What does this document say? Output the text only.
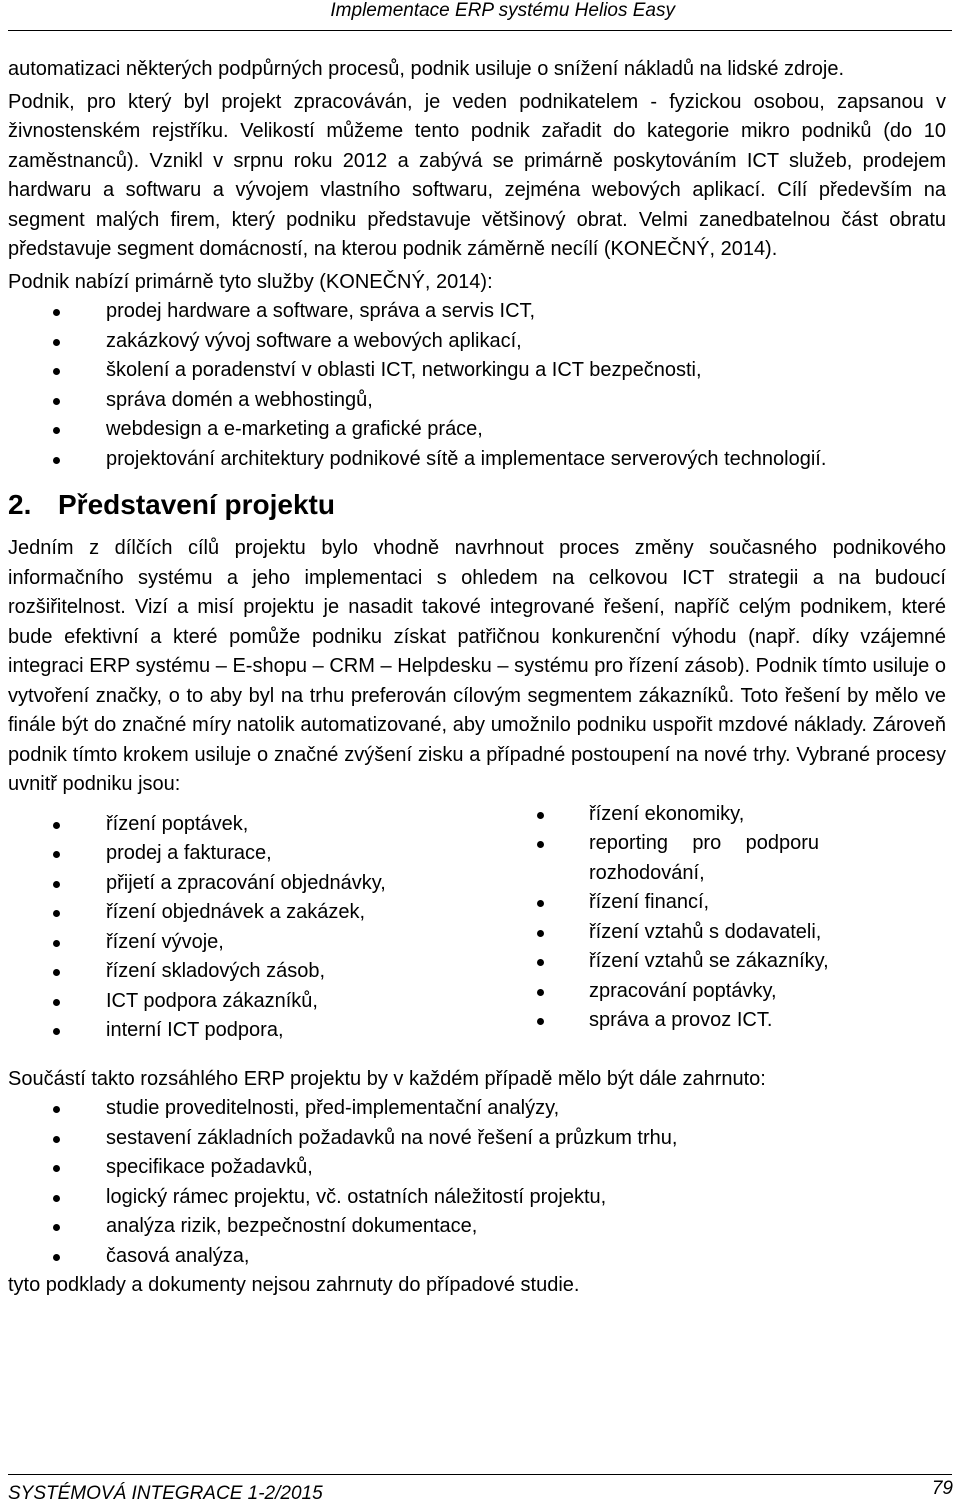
Implementace ERP systému Helios Easy

automatizaci některých podpůrných procesů, podnik usiluje o snížení nákladů na lidské zdroje.

Podnik, pro který byl projekt zpracováván, je veden podnikatelem - fyzickou osobou, zapsanou v živnostenském rejstříku. Velikostí můžeme tento podnik zařadit do kategorie mikro podniků (do 10 zaměstnanců). Vznikl v srpnu roku 2012 a zabývá se primárně poskytováním ICT služeb, prodejem hardwaru a softwaru a vývojem vlastního softwaru, zejména webových aplikací. Cílí především na segment malých firem, který podniku představuje většinový obrat. Velmi zanedbatelnou část obratu představuje segment domácností, na kterou podnik záměrně necílí (KONEČNÝ, 2014).

Podnik nabízí primárně tyto služby (KONEČNÝ, 2014):

prodej hardware a software, správa a servis ICT,
zakázkový vývoj software a webových aplikací,
školení a poradenství v oblasti ICT, networkingu a ICT bezpečnosti,
správa domén a webhostingů,
webdesign a e-marketing a grafické práce,
projektování architektury podnikové sítě a implementace serverových technologií.
2. Představení projektu

Jedním z dílčích cílů projektu bylo vhodně navrhnout proces změny současného podnikového informačního systému a jeho implementaci s ohledem na celkovou ICT strategii a na budoucí rozšiřitelnost. Vizí a misí projektu je nasadit takové integrované řešení, napříč celým podnikem, které bude efektivní a které pomůže podniku získat patřičnou konkurenční výhodu (např. díky vzájemné integraci ERP systému – E-shopu – CRM – Helpdesku – systému pro řízení zásob). Podnik tímto usiluje o vytvoření značky, o to aby byl na trhu preferován cílovým segmentem zákazníků. Toto řešení by mělo ve finále být do značné míry natolik automatizované, aby umožnilo podniku uspořit mzdové náklady. Zároveň podnik tímto krokem usiluje o značné zvýšení zisku a případné postoupení na nové trhy. Vybrané procesy uvnitř podniku jsou:

řízení poptávek,
prodej a fakturace,
přijetí a zpracování objednávky,
řízení objednávek a zakázek,
řízení vývoje,
řízení skladových zásob,
ICT podpora zákazníků,
interní ICT podpora,
řízení ekonomiky,
reporting pro podporu rozhodování,
řízení financí,
řízení vztahů s dodavateli,
řízení vztahů se zákazníky,
zpracování poptávky,
správa a provoz ICT.

Součástí takto rozsáhlého ERP projektu by v každém případě mělo být dále zahrnuto:

studie proveditelnosti, před-implementační analýzy,
sestavení základních požadavků na nové řešení a průzkum trhu,
specifikace požadavků,
logický rámec projektu, vč. ostatních náležitostí projektu,
analýza rizik, bezpečnostní dokumentace,
časová analýza,

tyto podklady a dokumenty nejsou zahrnuty do případové studie.

SYSTÉMOVÁ INTEGRACE 1-2/2015	79
